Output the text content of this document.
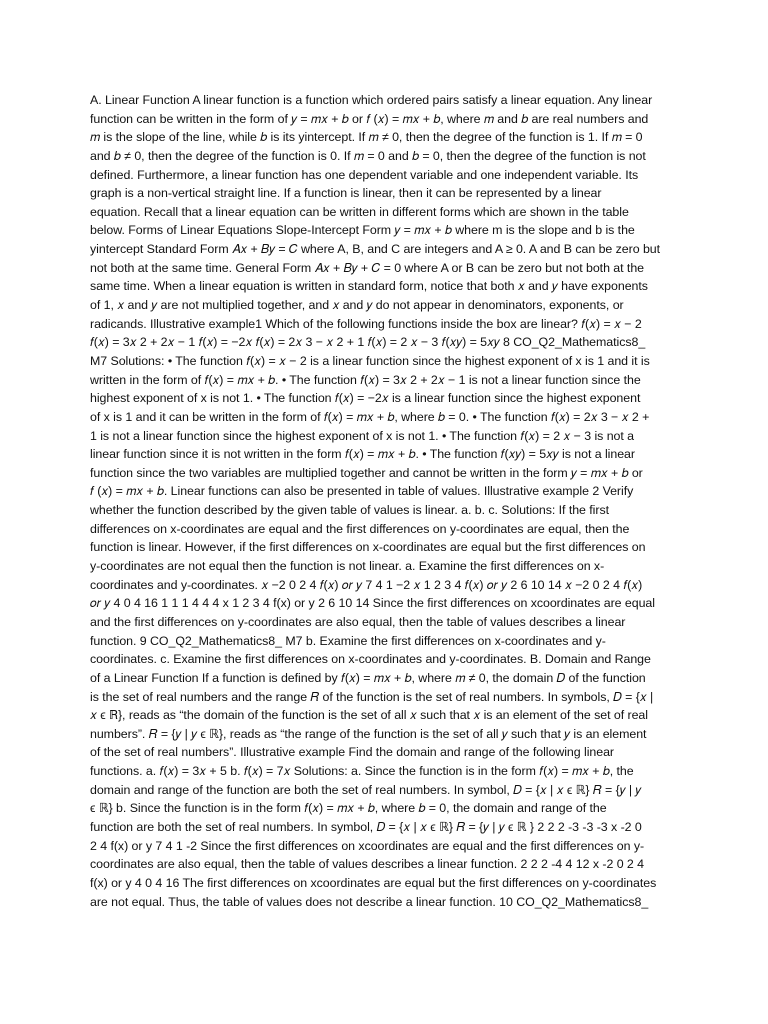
A. Linear Function A linear function is a function which ordered pairs satisfy a linear equation. Any linear
function can be written in the form of 𝑦 = 𝑚𝑥 + 𝑏 or 𝑓 (𝑥) = 𝑚𝑥 + 𝑏, where 𝑚 and 𝑏 are real numbers and
𝑚 is the slope of the line, while 𝑏 is its yintercept. If 𝑚 ≠ 0, then the degree of the function is 1. If 𝑚 = 0
and 𝑏 ≠ 0, then the degree of the function is 0. If 𝑚 = 0 and 𝑏 = 0, then the degree of the function is not
defined. Furthermore, a linear function has one dependent variable and one independent variable. Its
graph is a non-vertical straight line. If a function is linear, then it can be represented by a linear
equation. Recall that a linear equation can be written in different forms which are shown in the table
below. Forms of Linear Equations Slope-Intercept Form 𝑦 = 𝑚𝑥 + 𝑏 where m is the slope and b is the
yintercept Standard Form 𝐴𝑥 + 𝐵𝑦 = 𝐶 where A, B, and C are integers and A ≥ 0. A and B can be zero but
not both at the same time. General Form 𝐴𝑥 + 𝐵𝑦 + 𝐶 = 0 where A or B can be zero but not both at the
same time. When a linear equation is written in standard form, notice that both 𝑥 and 𝑦 have exponents
of 1, 𝑥 and 𝑦 are not multiplied together, and 𝑥 and 𝑦 do not appear in denominators, exponents, or
radicands. Illustrative example1 Which of the following functions inside the box are linear? 𝑓(𝑥) = 𝑥 − 2
𝑓(𝑥) = 3𝑥 2 + 2𝑥 − 1 𝑓(𝑥) = −2𝑥 𝑓(𝑥) = 2𝑥 3 − 𝑥 2 + 1 𝑓(𝑥) = 2 𝑥 − 3 𝑓(𝑥𝑦) = 5𝑥𝑦 8 CO_Q2_Mathematics8_
M7 Solutions: • The function 𝑓(𝑥) = 𝑥 − 2 is a linear function since the highest exponent of x is 1 and it is
written in the form of 𝑓(𝑥) = 𝑚𝑥 + 𝑏. • The function 𝑓(𝑥) = 3𝑥 2 + 2𝑥 − 1 is not a linear function since the
highest exponent of x is not 1. • The function 𝑓(𝑥) = −2𝑥 is a linear function since the highest exponent
of x is 1 and it can be written in the form of 𝑓(𝑥) = 𝑚𝑥 + 𝑏, where 𝑏 = 0. • The function 𝑓(𝑥) = 2𝑥 3 − 𝑥 2 +
1 is not a linear function since the highest exponent of x is not 1. • The function 𝑓(𝑥) = 2 𝑥 − 3 is not a
linear function since it is not written in the form 𝑓(𝑥) = 𝑚𝑥 + 𝑏. • The function 𝑓(𝑥𝑦) = 5𝑥𝑦 is not a linear
function since the two variables are multiplied together and cannot be written in the form 𝑦 = 𝑚𝑥 + 𝑏 or
𝑓 (𝑥) = 𝑚𝑥 + 𝑏. Linear functions can also be presented in table of values. Illustrative example 2 Verify
whether the function described by the given table of values is linear. a. b. c. Solutions: If the first
differences on x-coordinates are equal and the first differences on y-coordinates are equal, then the
function is linear. However, if the first differences on x-coordinates are equal but the first differences on
y-coordinates are not equal then the function is not linear. a. Examine the first differences on x-
coordinates and y-coordinates. 𝑥 −2 0 2 4 𝑓(𝑥) 𝑜𝑟 𝑦 7 4 1 −2 𝑥 1 2 3 4 𝑓(𝑥) 𝑜𝑟 𝑦 2 6 10 14 𝑥 −2 0 2 4 𝑓(𝑥)
𝑜𝑟 𝑦 4 0 4 16 1 1 1 4 4 4 x 1 2 3 4 f(x) or y 2 6 10 14 Since the first differences on xcoordinates are equal
and the first differences on y-coordinates are also equal, then the table of values describes a linear
function. 9 CO_Q2_Mathematics8_ M7 b. Examine the first differences on x-coordinates and y-
coordinates. c. Examine the first differences on x-coordinates and y-coordinates. B. Domain and Range
of a Linear Function If a function is defined by 𝑓(𝑥) = 𝑚𝑥 + 𝑏, where 𝑚 ≠ 0, the domain 𝐷 of the function
is the set of real numbers and the range 𝑅 of the function is the set of real numbers. In symbols, 𝐷 = {𝑥 |
𝑥 ϵ ℝ}, reads as “the domain of the function is the set of all 𝑥 such that 𝑥 is an element of the set of real
numbers”. 𝑅 = {𝑦 | 𝑦 ϵ ℝ}, reads as “the range of the function is the set of all 𝑦 such that 𝑦 is an element
of the set of real numbers”. Illustrative example Find the domain and range of the following linear
functions. a. 𝑓(𝑥) = 3𝑥 + 5 b. 𝑓(𝑥) = 7𝑥 Solutions: a. Since the function is in the form 𝑓(𝑥) = 𝑚𝑥 + 𝑏, the
domain and range of the function are both the set of real numbers. In symbol, 𝐷 = {𝑥 | 𝑥 ϵ ℝ} 𝑅 = {𝑦 | 𝑦
ϵ ℝ} b. Since the function is in the form 𝑓(𝑥) = 𝑚𝑥 + 𝑏, where 𝑏 = 0, the domain and range of the
function are both the set of real numbers. In symbol, 𝐷 = {𝑥 | 𝑥 ϵ ℝ} 𝑅 = {𝑦 | 𝑦 ϵ ℝ } 2 2 2 -3 -3 -3 x -2 0
2 4 f(x) or y 7 4 1 -2 Since the first differences on xcoordinates are equal and the first differences on y-
coordinates are also equal, then the table of values describes a linear function. 2 2 2 -4 4 12 x -2 0 2 4
f(x) or y 4 0 4 16 The first differences on xcoordinates are equal but the first differences on y-coordinates
are not equal. Thus, the table of values does not describe a linear function. 10 CO_Q2_Mathematics8_
